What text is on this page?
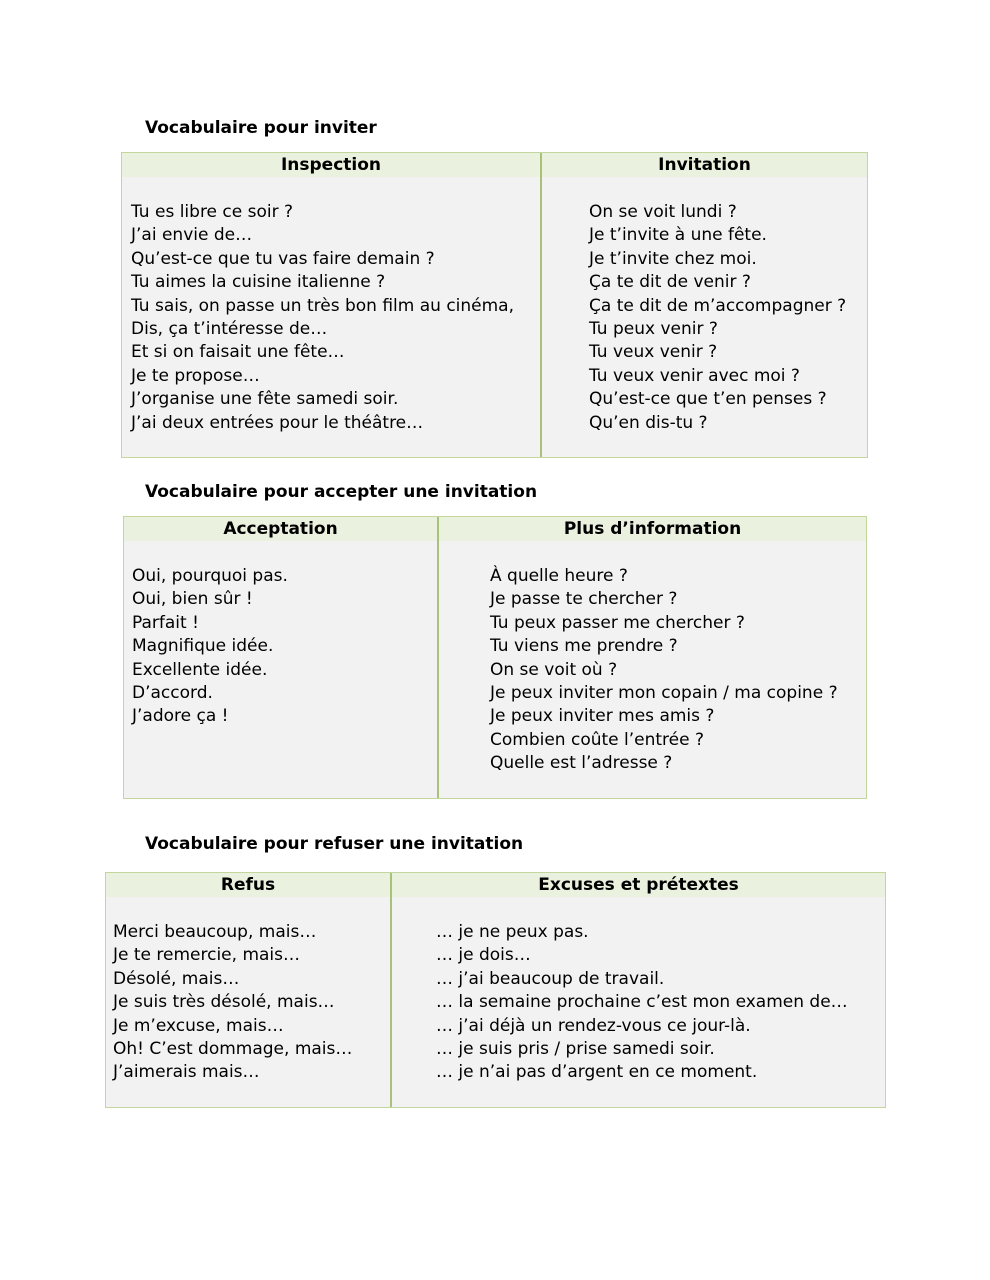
Vocabulaire pour inviter
Inspection
Tu es libre ce soir ?
J’ai envie de…
Qu’est-ce que tu vas faire demain ?
Tu aimes la cuisine italienne ?
Tu sais, on passe un très bon film au cinéma,
Dis, ça t’intéresse de…
Et si on faisait une fête…
Je te propose…
J’organise une fête samedi soir.
J’ai deux entrées pour le théâtre…
Invitation
On se voit lundi ?
Je t’invite à une fête.
Je t’invite chez moi.
Ça te dit de venir ?
Ça te dit de m’accompagner ?
Tu peux venir ?
Tu veux venir ?
Tu veux venir avec moi ?
Qu’est-ce que t’en penses ?
Qu’en dis-tu ?
Vocabulaire pour accepter une invitation
Acceptation
Oui, pourquoi pas.
Oui, bien sûr !
Parfait !
Magnifique idée.
Excellente idée.
D’accord.
J’adore ça !
Plus d’information
À quelle heure ?
Je passe te chercher ?
Tu peux passer me chercher ?
Tu viens me prendre ?
On se voit où ?
Je peux inviter mon copain / ma copine ?
Je peux inviter mes amis ?
Combien coûte l’entrée ?
Quelle est l’adresse ?
Vocabulaire pour refuser une invitation
Refus
Merci beaucoup, mais…
Je te remercie, mais…
Désolé, mais…
Je suis très désolé, mais…
Je m’excuse, mais…
Oh! C’est dommage, mais…
J’aimerais mais…
Excuses et prétextes
… je ne peux pas.
… je dois…
… j’ai beaucoup de travail.
… la semaine prochaine c’est mon examen de…
… j’ai déjà un rendez-vous ce jour-là.
… je suis pris / prise samedi soir.
… je n’ai pas d’argent en ce moment.
